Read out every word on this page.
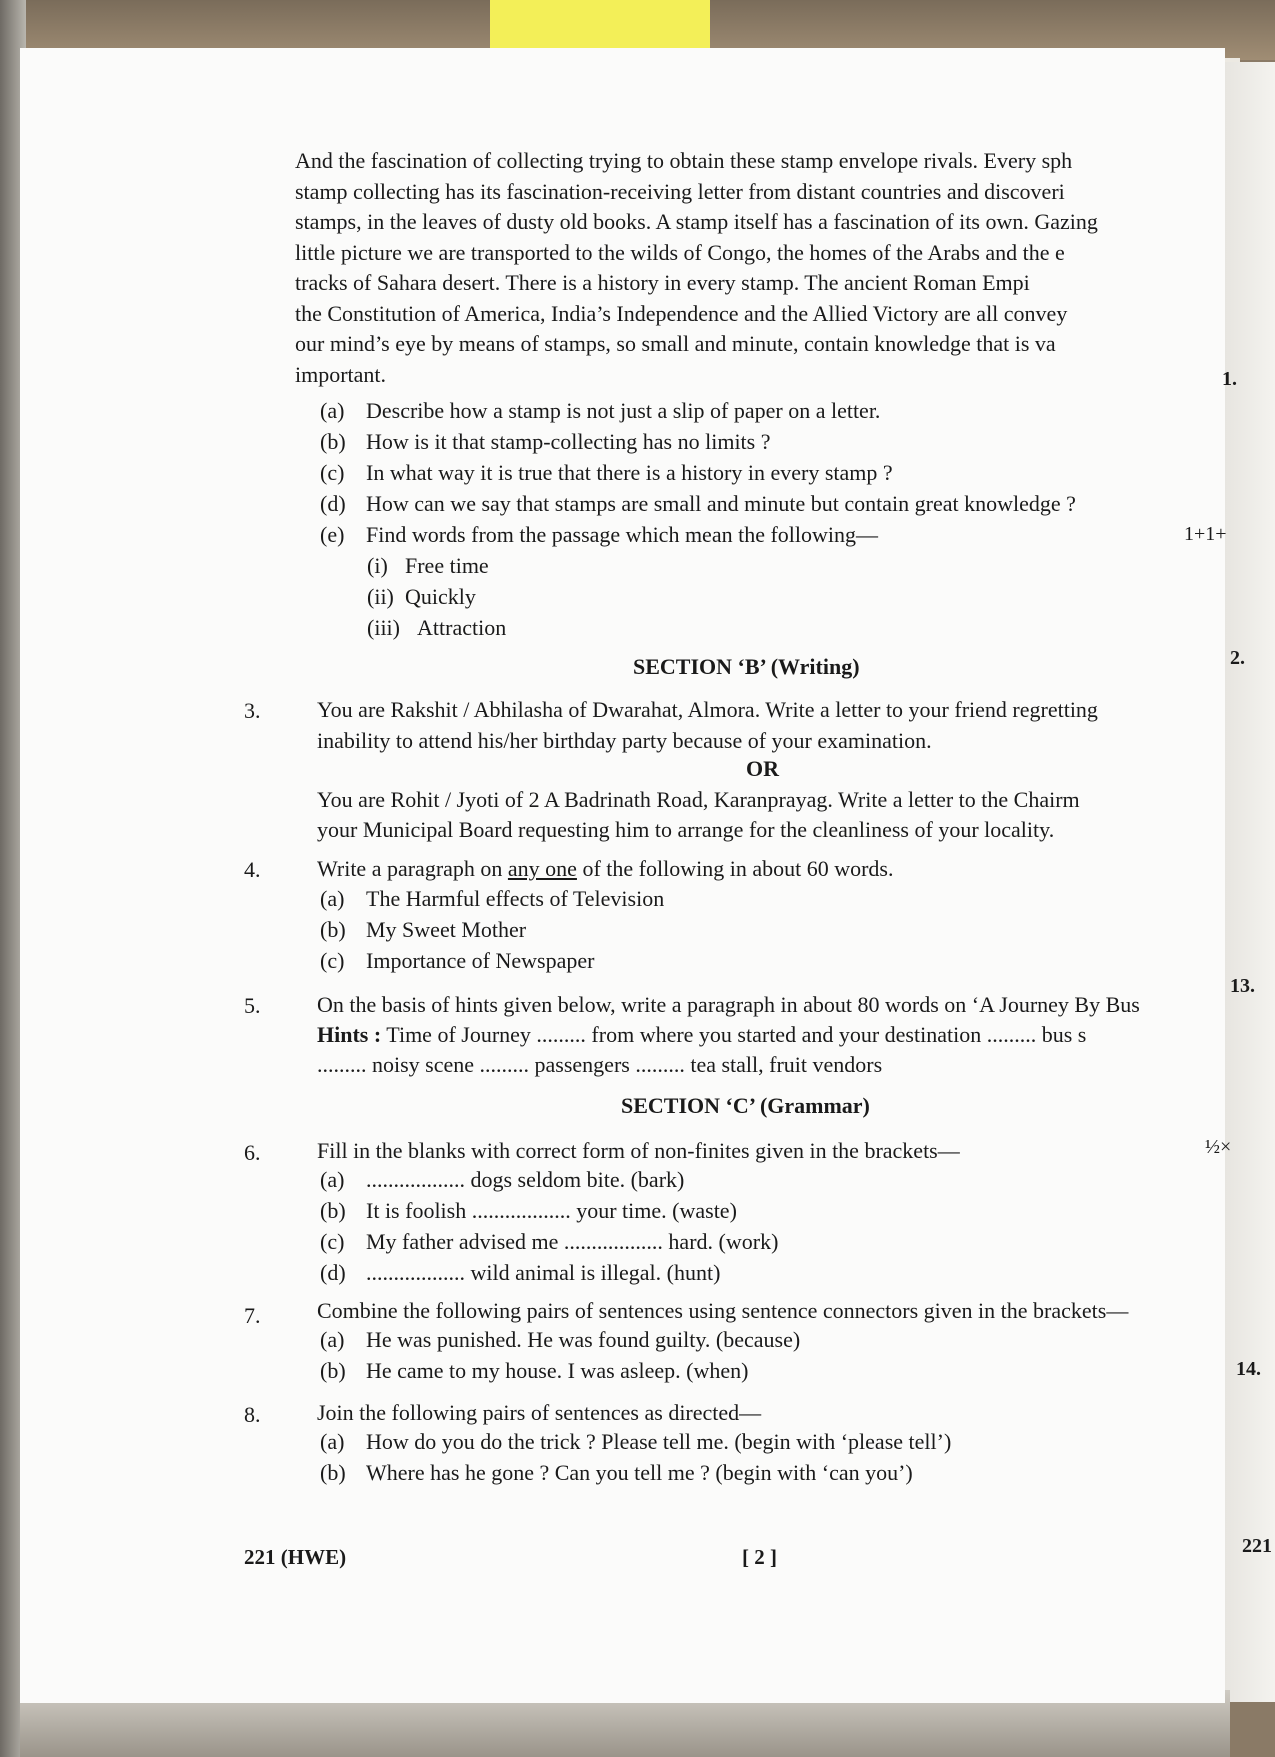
And the fascination of collecting trying to obtain these stamp envelope rivals. Every sph
stamp collecting has its fascination-receiving letter from distant countries and discoveri
stamps, in the leaves of dusty old books. A stamp itself has a fascination of its own. Gazing
little picture we are transported to the wilds of Congo, the homes of the Arabs and the e
tracks of Sahara desert. There is a history in every stamp. The ancient Roman Empi
the Constitution of America, India’s Independence and the Allied Victory are all convey
our mind’s eye by means of stamps, so small and minute, contain knowledge that is va
important.
(a) Describe how a stamp is not just a slip of paper on a letter.
(b) How is it that stamp-collecting has no limits ?
(c) In what way it is true that there is a history in every stamp ?
(d) How can we say that stamps are small and minute but contain great knowledge ?
(e) Find words from the passage which mean the following—	1+1+
(i) Free time
(ii) Quickly
(iii) Attraction
SECTION ‘B’ (Writing)
3.	You are Rakshit / Abhilasha of Dwarahat, Almora. Write a letter to your friend regretting
inability to attend his/her birthday party because of your examination.
OR
You are Rohit / Jyoti of 2 A Badrinath Road, Karanprayag. Write a letter to the Chairm
your Municipal Board requesting him to arrange for the cleanliness of your locality.
4.	Write a paragraph on any one of the following in about 60 words.
(a) The Harmful effects of Television
(b) My Sweet Mother
(c) Importance of Newspaper
5.	On the basis of hints given below, write a paragraph in about 80 words on ‘A Journey By Bus
Hints : Time of Journey ......... from where you started and your destination ......... bus s
......... noisy scene ......... passengers ......... tea stall, fruit vendors
SECTION ‘C’ (Grammar)
6.	Fill in the blanks with correct form of non-finites given in the brackets—	½×
(a) .................. dogs seldom bite. (bark)
(b) It is foolish .................. your time. (waste)
(c) My father advised me .................. hard. (work)
(d) .................. wild animal is illegal. (hunt)
7.	Combine the following pairs of sentences using sentence connectors given in the brackets—
(a) He was punished. He was found guilty. (because)
(b) He came to my house. I was asleep. (when)
8.	Join the following pairs of sentences as directed—
(a) How do you do the trick ? Please tell me. (begin with ‘please tell’)
(b) Where has he gone ? Can you tell me ? (begin with ‘can you’)
221 (HWE)	[ 2 ]
1.
2.
13.
14.
221
